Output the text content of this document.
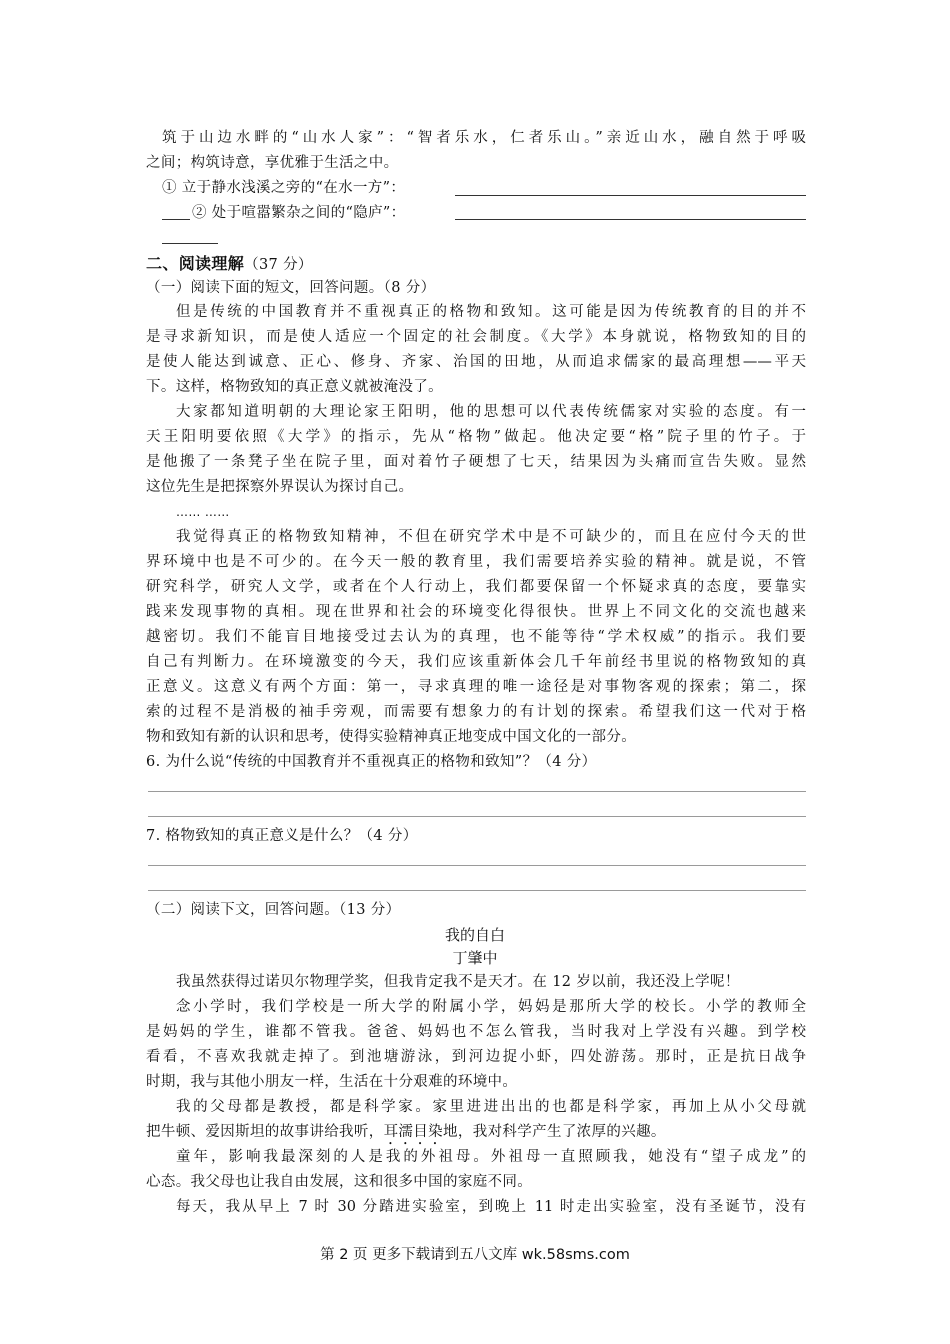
筑于山边水畔的“山水人家”：“智者乐水，仁者乐山。”亲近山水，融自然于呼吸
之间；构筑诗意，享优雅于生活之中。
① 立于静水浅溪之旁的“在水一方”：
② 处于喧嚣繁杂之间的“隐庐”：
二、阅读理解（37 分）
（一）阅读下面的短文，回答问题。（8 分）
但是传统的中国教育并不重视真正的格物和致知。这可能是因为传统教育的目的并不
是寻求新知识，而是使人适应一个固定的社会制度。《大学》本身就说，格物致知的目的
是使人能达到诚意、正心、修身、齐家、治国的田地，从而追求儒家的最高理想——平天
下。这样，格物致知的真正意义就被淹没了。
大家都知道明朝的大理论家王阳明，他的思想可以代表传统儒家对实验的态度。有一
天王阳明要依照《大学》的指示，先从“格物”做起。他决定要“格”院子里的竹子。于
是他搬了一条凳子坐在院子里，面对着竹子硬想了七天，结果因为头痛而宣告失败。显然
这位先生是把探察外界误认为探讨自己。
…… ……
我觉得真正的格物致知精神，不但在研究学术中是不可缺少的，而且在应付今天的世
界环境中也是不可少的。在今天一般的教育里，我们需要培养实验的精神。就是说，不管
研究科学，研究人文学，或者在个人行动上，我们都要保留一个怀疑求真的态度，要靠实
践来发现事物的真相。现在世界和社会的环境变化得很快。世界上不同文化的交流也越来
越密切。我们不能盲目地接受过去认为的真理，也不能等待“学术权威”的指示。我们要
自己有判断力。在环境激变的今天，我们应该重新体会几千年前经书里说的格物致知的真
正意义。这意义有两个方面：第一，寻求真理的唯一途径是对事物客观的探索；第二，探
索的过程不是消极的袖手旁观，而需要有想象力的有计划的探索。希望我们这一代对于格
物和致知有新的认识和思考，使得实验精神真正地变成中国文化的一部分。
6. 为什么说“传统的中国教育并不重视真正的格物和致知”？（4 分）
7. 格物致知的真正意义是什么？（4 分）
（二）阅读下文，回答问题。（13 分）
我的自白
丁肇中
我虽然获得过诺贝尔物理学奖，但我肯定我不是天才。在 12 岁以前，我还没上学呢！
念小学时，我们学校是一所大学的附属小学，妈妈是那所大学的校长。小学的教师全
是妈妈的学生，谁都不管我。爸爸、妈妈也不怎么管我，当时我对上学没有兴趣。到学校
看看，不喜欢我就走掉了。到池塘游泳，到河边捉小虾，四处游荡。那时，正是抗日战争
时期，我与其他小朋友一样，生活在十分艰难的环境中。
我的父母都是教授，都是科学家。家里进进出出的也都是科学家，再加上从小父母就
把牛顿、爱因斯坦的故事讲给我听，耳濡目染地，我对科学产生了浓厚的兴趣。
童年，影响我最深刻的人是我的外祖母。外祖母一直照顾我，她没有“望子成龙”的
心态。我父母也让我自由发展，这和很多中国的家庭不同。
每天，我从早上 7 时 30 分踏进实验室，到晚上 11 时走出实验室，没有圣诞节，没有
第 2 页 更多下载请到五八文库 wk.58sms.com
